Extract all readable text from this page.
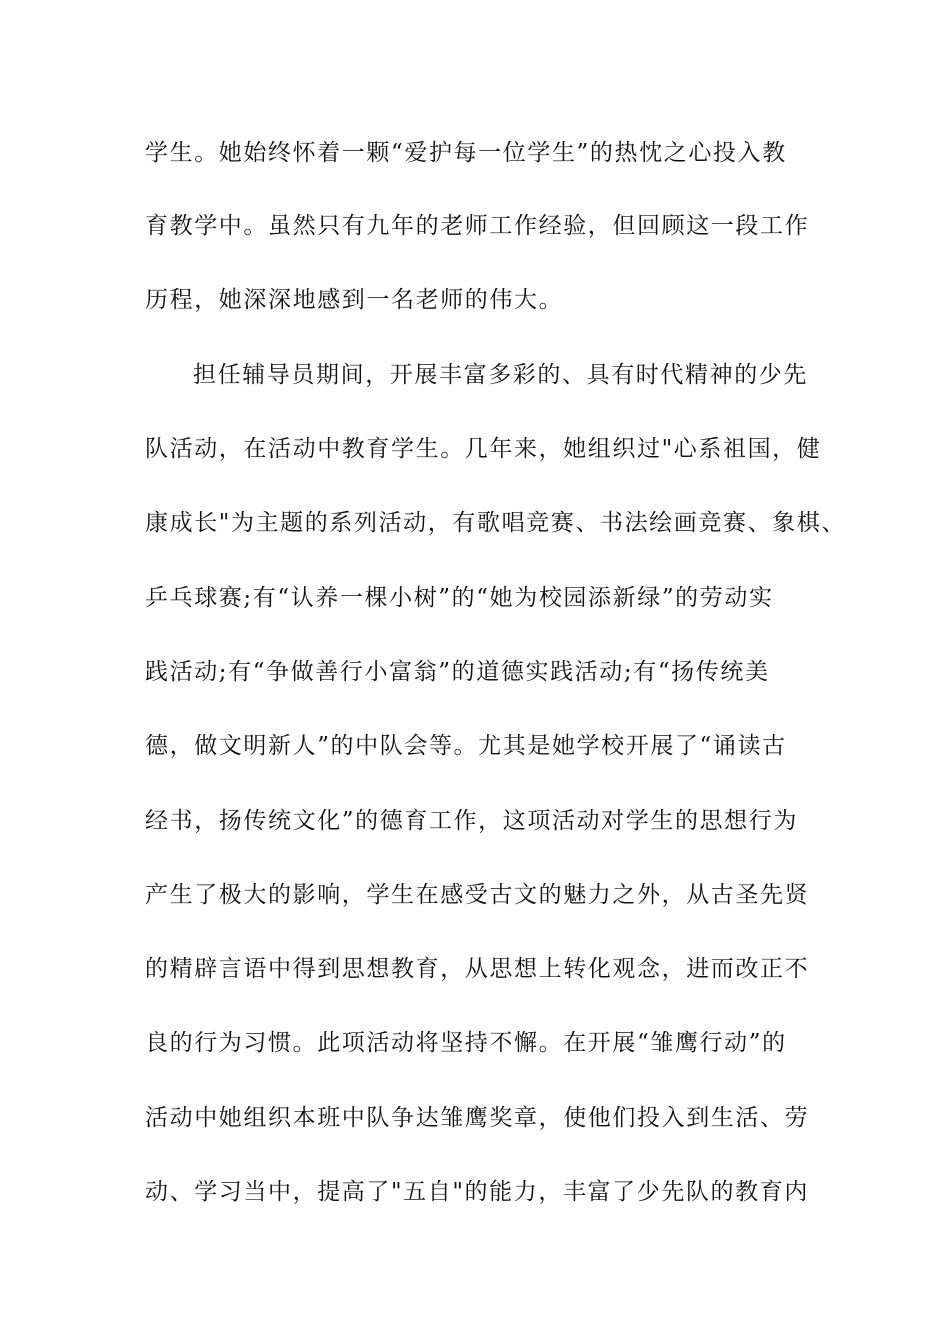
学生。她始终怀着一颗“爱护每一位学生”的热忱之心投入教
育教学中。虽然只有九年的老师工作经验，但回顾这一段工作
历程，她深深地感到一名老师的伟大。
担任辅导员期间，开展丰富多彩的、具有时代精神的少先
队活动，在活动中教育学生。几年来，她组织过"心系祖国，健
康成长"为主题的系列活动，有歌唱竞赛、书法绘画竞赛、象棋、
乒乓球赛;有“认养一棵小树”的“她为校园添新绿”的劳动实
践活动;有“争做善行小富翁”的道德实践活动;有“扬传统美
德，做文明新人”的中队会等。尤其是她学校开展了“诵读古
经书，扬传统文化”的德育工作，这项活动对学生的思想行为
产生了极大的影响，学生在感受古文的魅力之外，从古圣先贤
的精辟言语中得到思想教育，从思想上转化观念，进而改正不
良的行为习惯。此项活动将坚持不懈。在开展“雏鹰行动”的
活动中她组织本班中队争达雏鹰奖章，使他们投入到生活、劳
动、学习当中，提高了"五自"的能力，丰富了少先队的教育内
